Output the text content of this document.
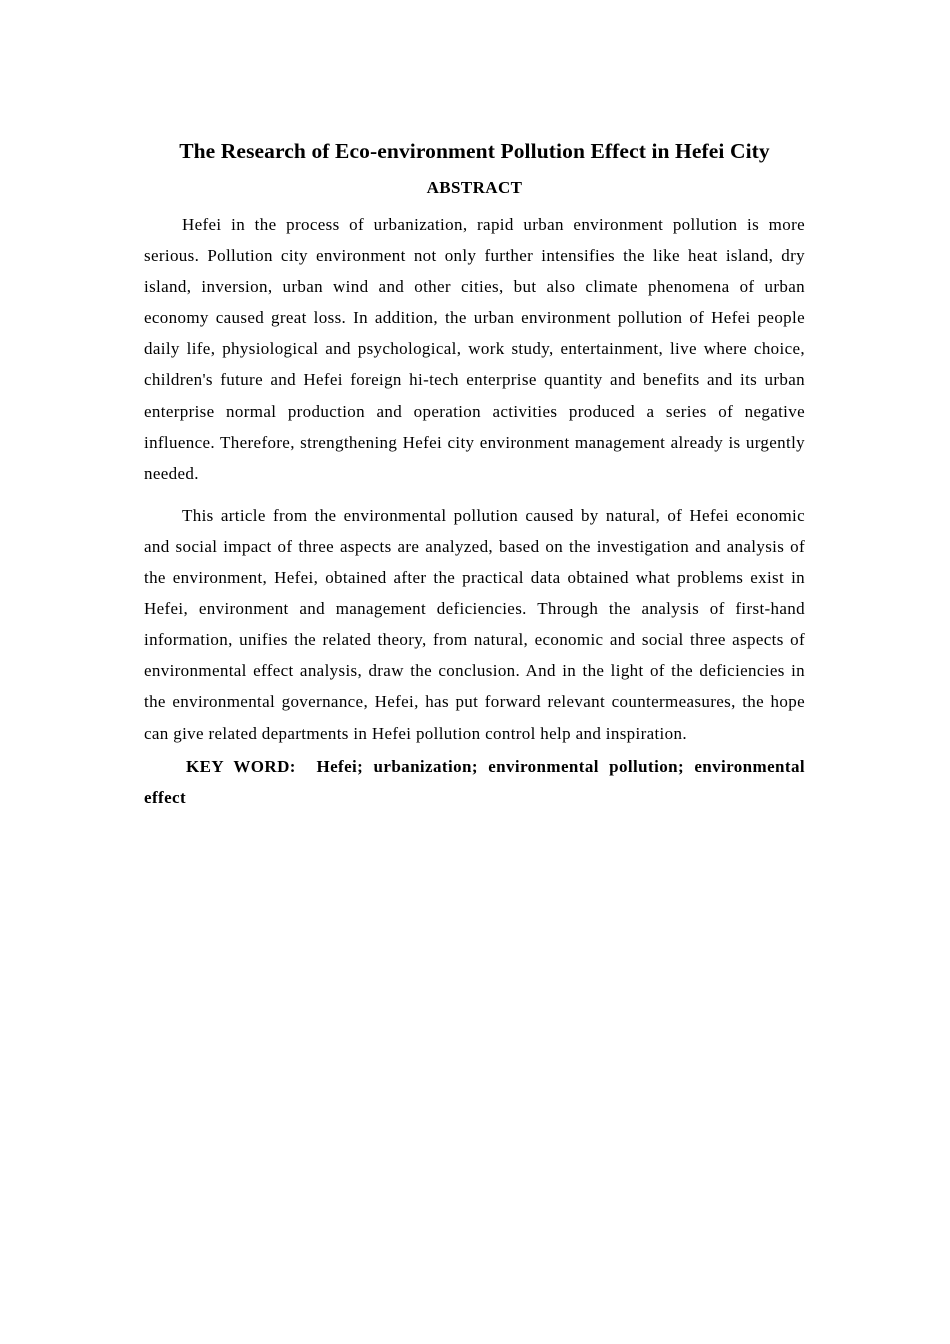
The Research of Eco-environment Pollution Effect in Hefei City
ABSTRACT

Hefei in the process of urbanization, rapid urban environment pollution is more serious. Pollution city environment not only further intensifies the like heat island, dry island, inversion, urban wind and other cities, but also climate phenomena of urban economy caused great loss. In addition, the urban environment pollution of Hefei people daily life, physiological and psychological, work study, entertainment, live where choice, children's future and Hefei foreign hi-tech enterprise quantity and benefits and its urban enterprise normal production and operation activities produced a series of negative influence. Therefore, strengthening Hefei city environment management already is urgently needed.

This article from the environmental pollution caused by natural, of Hefei economic and social impact of three aspects are analyzed, based on the investigation and analysis of the environment, Hefei, obtained after the practical data obtained what problems exist in Hefei, environment and management deficiencies. Through the analysis of first-hand information, unifies the related theory, from natural, economic and social three aspects of environmental effect analysis, draw the conclusion. And in the light of the deficiencies in the environmental governance, Hefei, has put forward relevant countermeasures, the hope can give related departments in Hefei pollution control help and inspiration.

KEY WORD: Hefei; urbanization; environmental pollution; environmental effect
